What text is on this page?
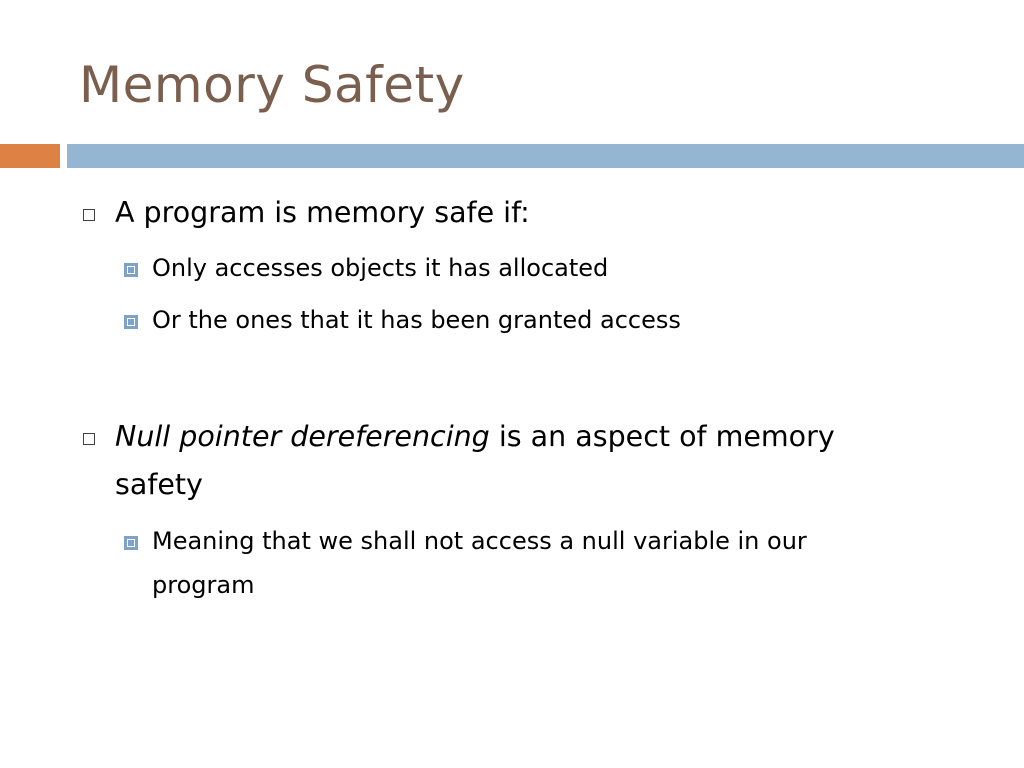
Memory Safety
A program is memory safe if:
Only accesses objects it has allocated
Or the ones that it has been granted access
Null pointer dereferencing is an aspect of memory
safety
Meaning that we shall not access a null variable in our
program
